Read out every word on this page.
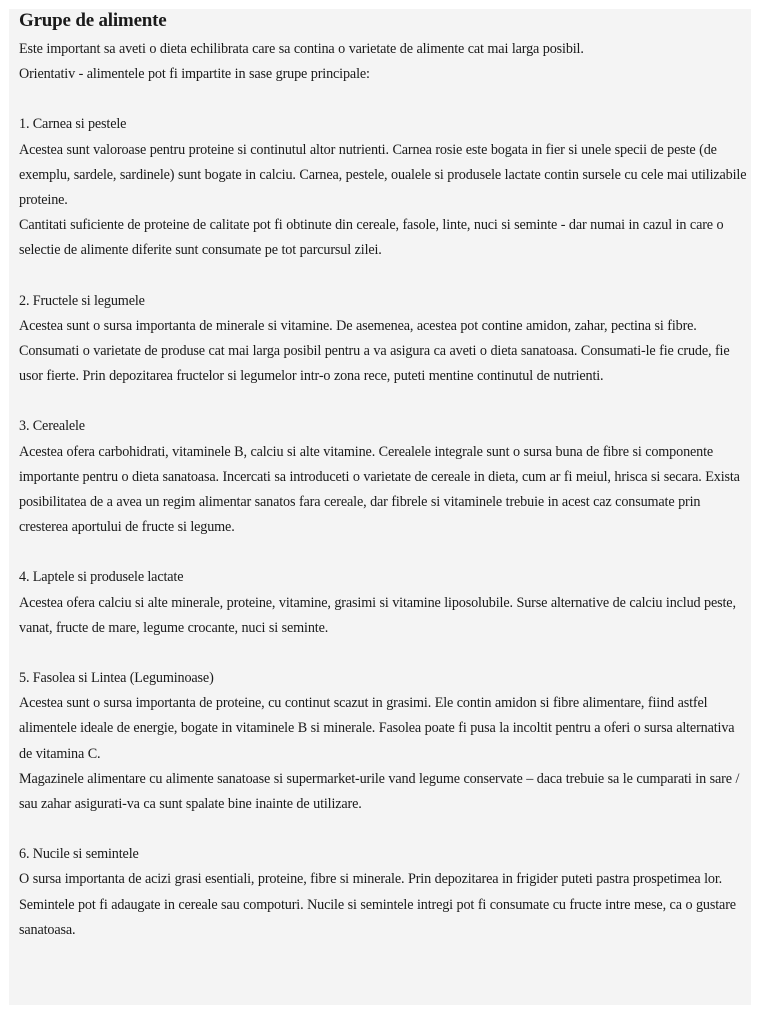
Grupe de alimente

Este important sa aveti o dieta echilibrata care sa contina o varietate de alimente cat mai larga posibil.

Orientativ - alimentele pot fi impartite in sase grupe principale:

1. Carnea si pestele

Acestea sunt valoroase pentru proteine si continutul altor nutrienti. Carnea rosie este bogata in fier si unele specii de peste (de exemplu, sardele, sardinele) sunt bogate in calciu. Carnea, pestele, oualele si produsele lactate contin sursele cu cele mai utilizabile proteine.

Cantitati suficiente de proteine de calitate pot fi obtinute din cereale, fasole, linte, nuci si seminte - dar numai in cazul in care o selectie de alimente diferite sunt consumate pe tot parcursul zilei.

2. Fructele si legumele

Acestea sunt o sursa importanta de minerale si vitamine. De asemenea, acestea pot contine amidon, zahar, pectina si fibre. Consumati o varietate de produse cat mai larga posibil pentru a va asigura ca aveti o dieta sanatoasa. Consumati-le fie crude, fie usor fierte. Prin depozitarea fructelor si legumelor intr-o zona rece, puteti mentine continutul de nutrienti.

3. Cerealele

Acestea ofera carbohidrati, vitaminele B, calciu si alte vitamine. Cerealele integrale sunt o sursa buna de fibre si componente importante pentru o dieta sanatoasa. Incercati sa introduceti o varietate de cereale in dieta, cum ar fi meiul, hrisca si secara. Exista posibilitatea de a avea un regim alimentar sanatos fara cereale, dar fibrele si vitaminele trebuie in acest caz consumate prin cresterea aportului de fructe si legume.

4. Laptele si produsele lactate

Acestea ofera calciu si alte minerale, proteine, vitamine, grasimi si vitamine liposolubile. Surse alternative de calciu includ peste, vanat, fructe de mare, legume crocante, nuci si seminte.

5. Fasolea si Lintea (Leguminoase)

Acestea sunt o sursa importanta de proteine, cu continut scazut in grasimi. Ele contin amidon si fibre alimentare, fiind astfel alimentele ideale de energie, bogate in vitaminele B si minerale. Fasolea poate fi pusa la incoltit pentru a oferi o sursa alternativa de vitamina C.

Magazinele alimentare cu alimente sanatoase si supermarket-urile vand legume conservate – daca trebuie sa le cumparati in sare / sau zahar asigurati-va ca sunt spalate bine inainte de utilizare.

6. Nucile si semintele

O sursa importanta de acizi grasi esentiali, proteine, fibre si minerale. Prin depozitarea in frigider puteti pastra prospetimea lor. Semintele pot fi adaugate in cereale sau compoturi. Nucile si semintele intregi pot fi consumate cu fructe intre mese, ca o gustare sanatoasa.
